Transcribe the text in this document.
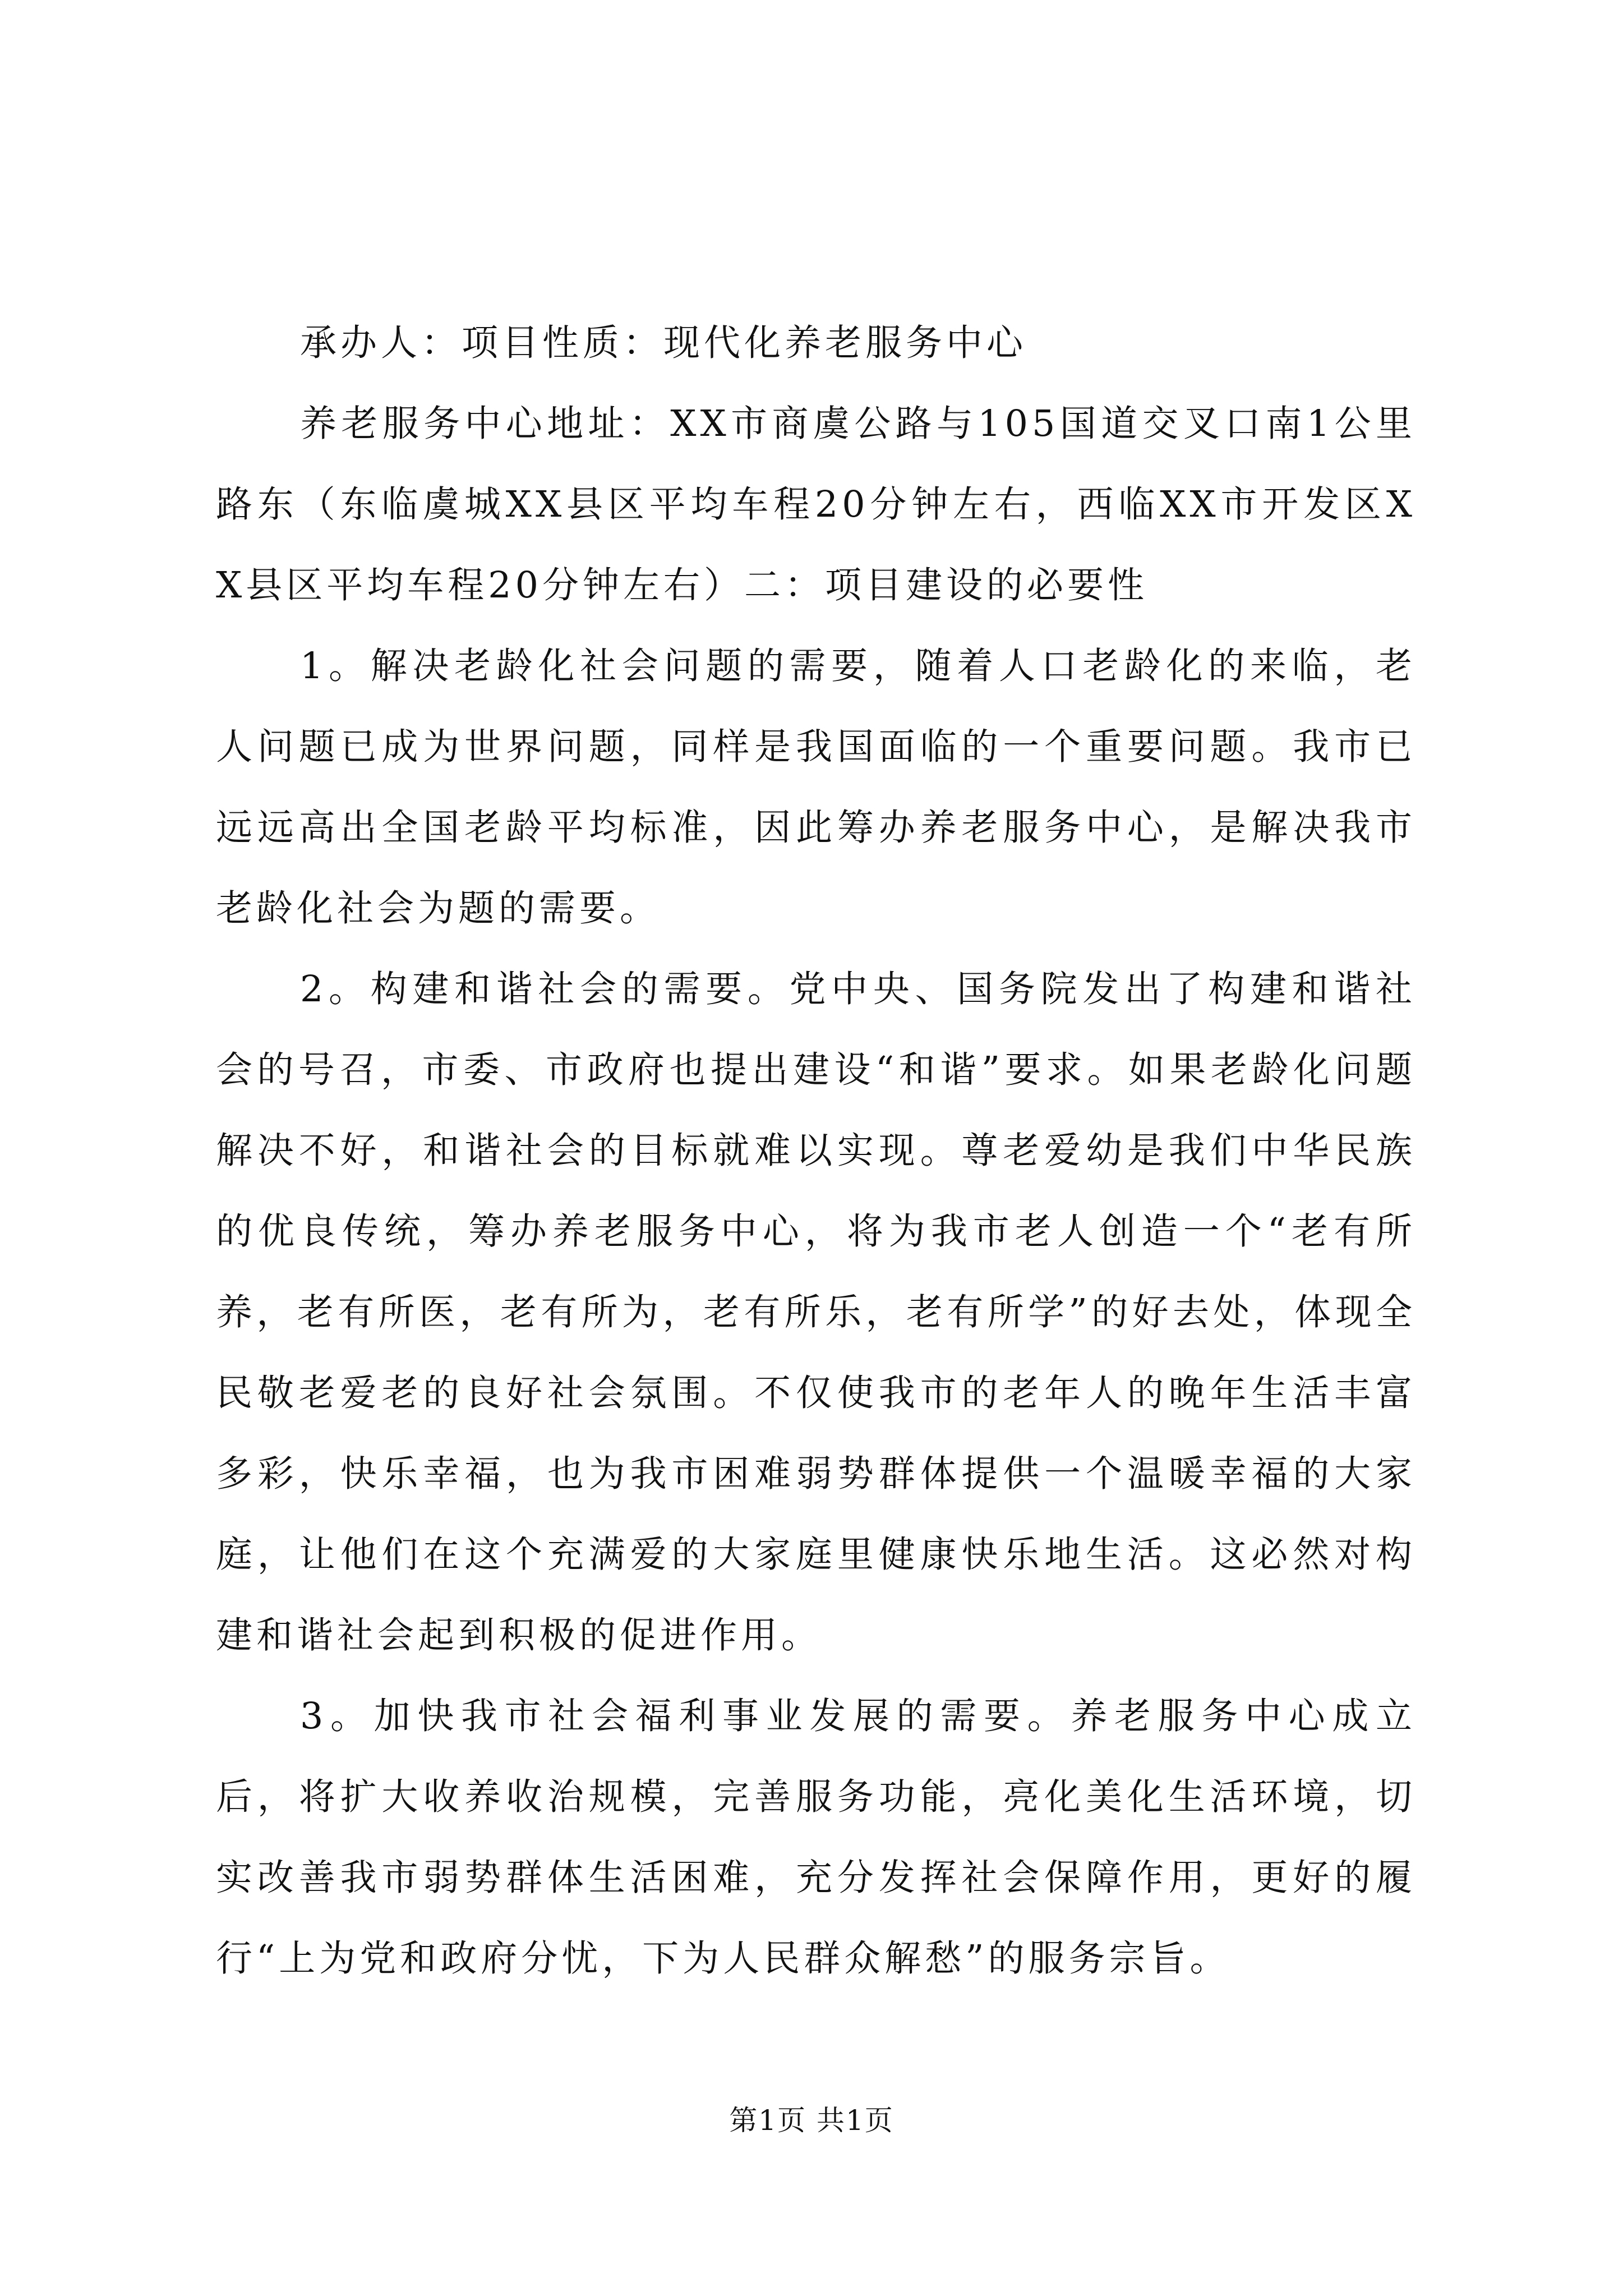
承办人：项目性质：现代化养老服务中心

养老服务中心地址：XX市商虞公路与105国道交叉口南1公里路东（东临虞城XX县区平均车程20分钟左右，西临XX市开发区XX县区平均车程20分钟左右）二：项目建设的必要性

1。解决老龄化社会问题的需要，随着人口老龄化的来临，老人问题已成为世界问题，同样是我国面临的一个重要问题。我市已远远高出全国老龄平均标准，因此筹办养老服务中心，是解决我市老龄化社会为题的需要。

2。构建和谐社会的需要。党中央、国务院发出了构建和谐社会的号召，市委、市政府也提出建设“和谐”要求。如果老龄化问题解决不好，和谐社会的目标就难以实现。尊老爱幼是我们中华民族的优良传统，筹办养老服务中心，将为我市老人创造一个“老有所养，老有所医，老有所为，老有所乐，老有所学”的好去处，体现全民敬老爱老的良好社会氛围。不仅使我市的老年人的晚年生活丰富多彩，快乐幸福，也为我市困难弱势群体提供一个温暖幸福的大家庭，让他们在这个充满爱的大家庭里健康快乐地生活。这必然对构建和谐社会起到积极的促进作用。

3。加快我市社会福利事业发展的需要。养老服务中心成立后，将扩大收养收治规模，完善服务功能，亮化美化生活环境，切实改善我市弱势群体生活困难，充分发挥社会保障作用，更好的履行“上为党和政府分忧，下为人民群众解愁”的服务宗旨。

第1页 共1页
